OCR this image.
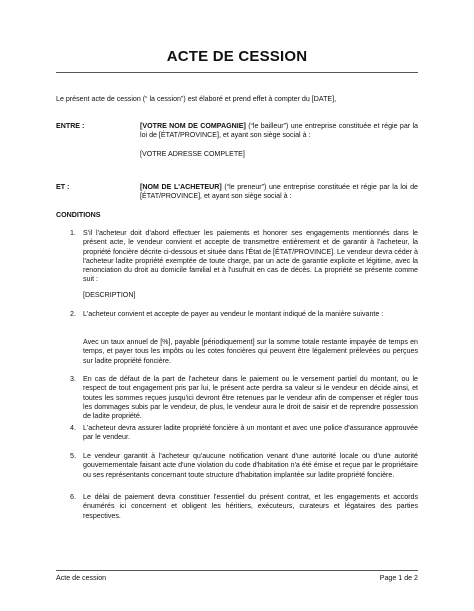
ACTE DE CESSION
Le présent acte de cession (“ la cession”) est élaboré et prend effet à compter du [DATE],
ENTRE :	[VOTRE NOM DE COMPAGNIE] (“le bailleur”) une entreprise constituée et régie par la loi de [ÉTAT/PROVINCE], et ayant son siège social à :
[VOTRE ADRESSE COMPLETE]
ET :	[NOM DE L'ACHETEUR] (“le preneur”) une entreprise constituée et régie par la loi de [ÉTAT/PROVINCE], et ayant son siège social à :
CONDITIONS
1. S'il l'acheteur doit d'abord effectuer les paiements et honorer ses engagements mentionnés dans le présent acte, le vendeur convient et accepte de transmettre entièrement et de garantir à l'acheteur, la propriété foncière décrite ci-dessous et située dans l'État de [ÉTAT/PROVINCE]. Le vendeur devra céder à l'acheteur ladite propriété exemptée de toute charge, par un acte de garantie explicite et légitime, avec la renonciation du droit au domicile familial et à l'usufruit en cas de décès. La propriété se présente comme suit :
[DESCRIPTION]
2. L'acheteur convient et accepte de payer au vendeur le montant indiqué de la manière suivante :
Avec un taux annuel de [%], payable [périodiquement] sur la somme totale restante impayée de temps en temps, et payer tous les impôts ou les cotes foncières qui peuvent être légalement prélevées ou perçues sur ladite propriété foncière.
3. En cas de défaut de la part de l'acheteur dans le paiement ou le versement partiel du montant, ou le respect de tout engagement pris par lui, le présent acte perdra sa valeur si le vendeur en décide ainsi, et toutes les sommes reçues jusqu'ici devront être retenues par le vendeur afin de compenser et régler tous les dommages subis par le vendeur, de plus, le vendeur aura le droit de saisir et de reprendre possession de ladite propriété.
4. L'acheteur devra assurer ladite propriété foncière à un montant et avec une police d'assurance approuvée par le vendeur.
5. Le vendeur garantit à l'acheteur qu'aucune notification venant d'une autorité locale ou d'une autorité gouvernementale faisant acte d'une violation du code d'habitation n'a été émise et reçue par le propriétaire ou ses représentants concernant toute structure d'habitation implantée sur ladite propriété foncière.
6. Le délai de paiement devra constituer l'essentiel du présent contrat, et les engagements et accords énumérés ici concernent et obligent les héritiers, exécuteurs, curateurs et légataires des parties respectives.
Acte de cession	Page 1 de 2
